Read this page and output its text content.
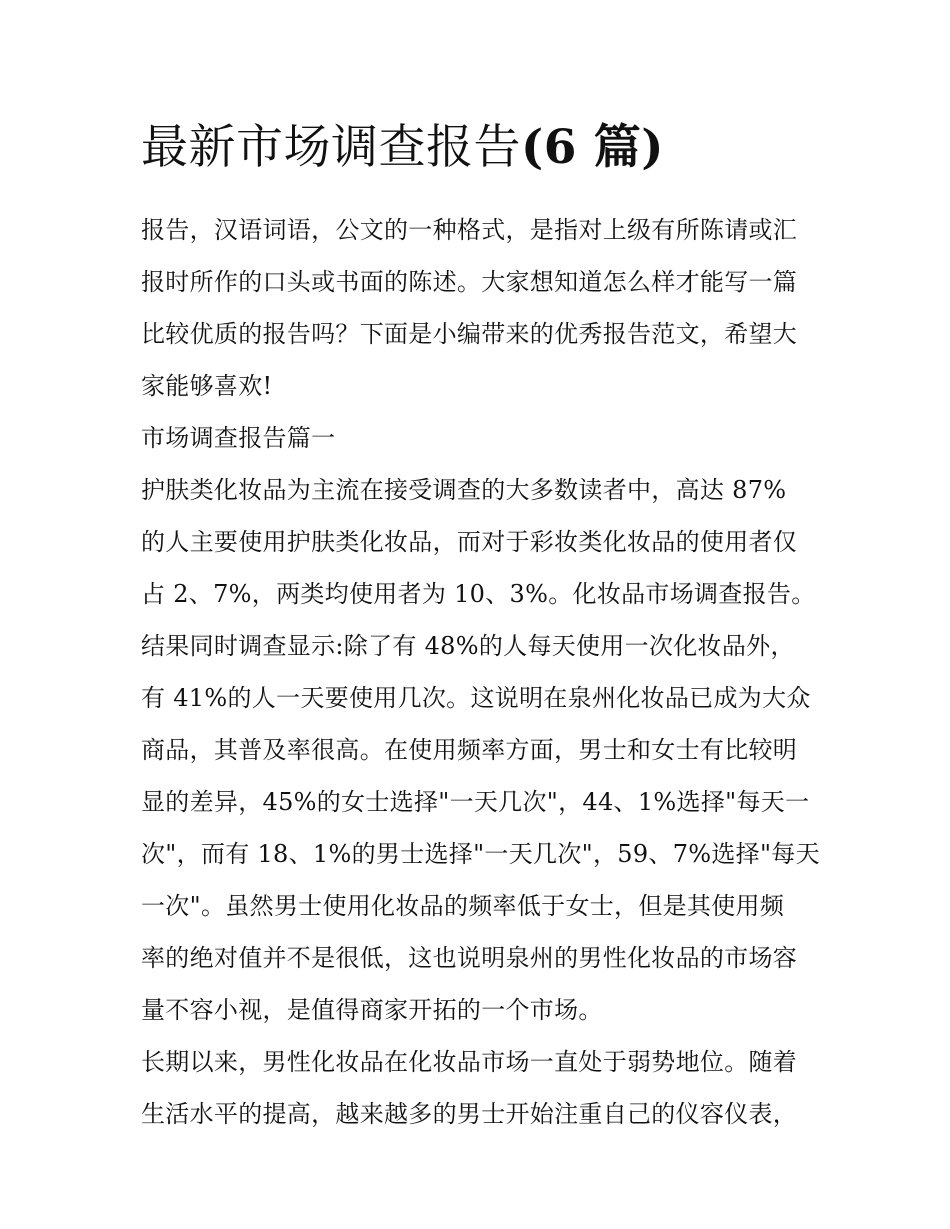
最新市场调查报告(6 篇)
报告，汉语词语，公文的一种格式，是指对上级有所陈请或汇
报时所作的口头或书面的陈述。大家想知道怎么样才能写一篇
比较优质的报告吗？下面是小编带来的优秀报告范文，希望大
家能够喜欢!
市场调查报告篇一
护肤类化妆品为主流在接受调查的大多数读者中，高达 87%
的人主要使用护肤类化妆品，而对于彩妆类化妆品的使用者仅
占 2、7%，两类均使用者为 10、3%。化妆品市场调查报告。
结果同时调查显示:除了有 48%的人每天使用一次化妆品外，
有 41%的人一天要使用几次。这说明在泉州化妆品已成为大众
商品，其普及率很高。在使用频率方面，男士和女士有比较明
显的差异，45%的女士选择"一天几次"，44、1%选择"每天一
次"，而有 18、1%的男士选择"一天几次"，59、7%选择"每天
一次"。虽然男士使用化妆品的频率低于女士，但是其使用频
率的绝对值并不是很低，这也说明泉州的男性化妆品的市场容
量不容小视，是值得商家开拓的一个市场。
长期以来，男性化妆品在化妆品市场一直处于弱势地位。随着
生活水平的提高，越来越多的男士开始注重自己的仪容仪表，
